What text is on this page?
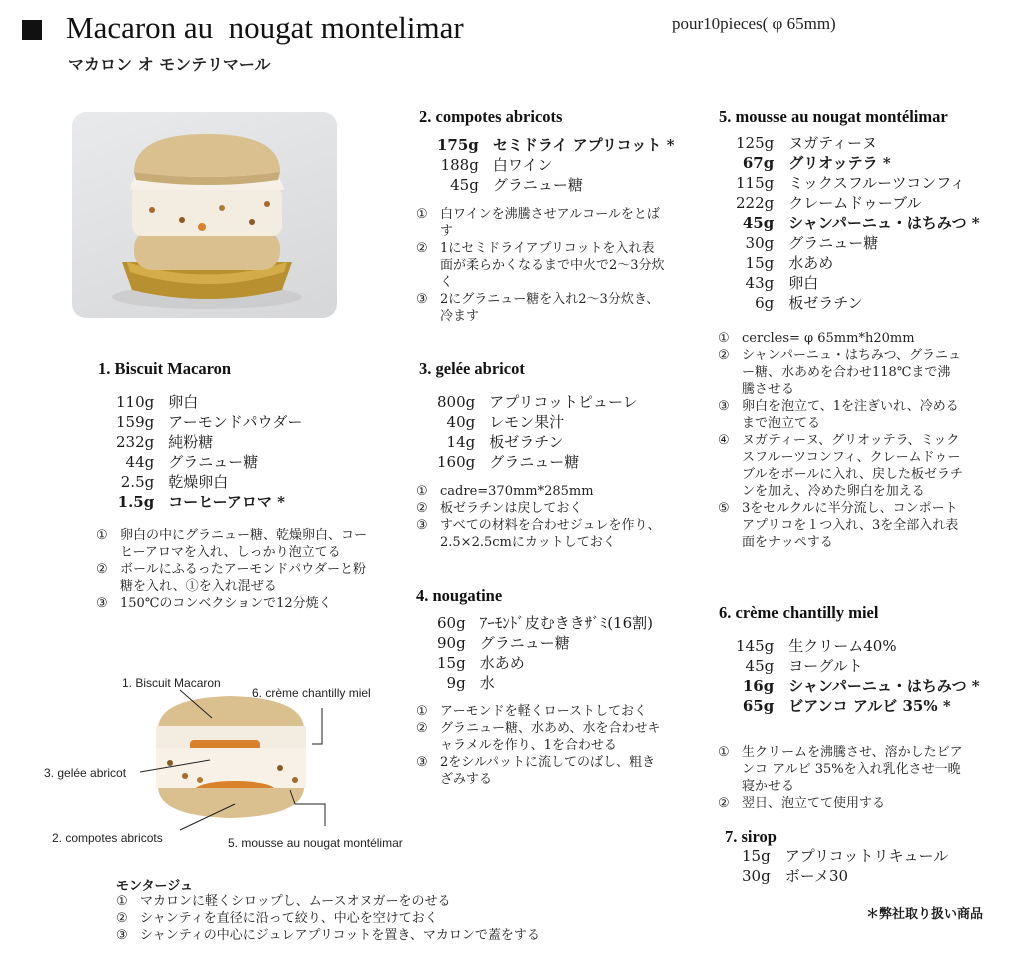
Macaron au  nougat montelimar
マカロン オ モンテリマール
pour10pieces( φ 65mm)
1. Biscuit Macaron
110g	卵白
159g	アーモンドパウダー
232g	純粉糖
44g	グラニュー糖
2.5g	乾燥卵白
1.5g	コーヒーアロマ *
① 卵白の中にグラニュー糖、乾燥卵白、コーヒーアロマを入れ、しっかり泡立てる
② ボールにふるったアーモンドパウダーと粉糖を入れ、①を入れ混ぜる
③ 150℃のコンベクションで12分焼く
2. compotes abricots
175g	セミドライ アプリコット *
188g	白ワイン
45g	グラニュー糖
① 白ワインを沸騰させアルコールをとばす
② 1にセミドライアプリコットを入れ表面が柔らかくなるまで中火で2～3分炊く
③ 2にグラニュー糖を入れ2～3分炊き、冷ます
3. gelée abricot
800g	アプリコットピューレ
40g	レモン果汁
14g	板ゼラチン
160g	グラニュー糖
① cadre=370mm*285mm
② 板ゼラチンは戻しておく
③ すべての材料を合わせジュレを作り、2.5×2.5cmにカットしておく
4. nougatine
60g	ｱｰﾓﾝﾄﾞ皮むききｻﾞﾐ(16割)
90g	グラニュー糖
15g	水あめ
9g	水
① アーモンドを軽くローストしておく
② グラニュー糖、水あめ、水を合わせキャラメルを作り、1を合わせる
③ 2をシルパットに流してのばし、粗きざみする
5. mousse au nougat montélimar
125g	ヌガティーヌ
67g	グリオッテラ *
115g	ミックスフルーツコンフィ
222g	クレームドゥーブル
45g	シャンパーニュ・はちみつ *
30g	グラニュー糖
15g	水あめ
43g	卵白
6g	板ゼラチン
① cercles= φ 65mm*h20mm
② シャンパーニュ・はちみつ、グラニュー糖、水あめを合わせ118℃まで沸騰させる
③ 卵白を泡立て、1を注ぎいれ、冷めるまで泡立てる
④ ヌガティーヌ、グリオッテラ、ミックスフルーツコンフィ、クレームドゥーブルをボールに入れ、戻した板ゼラチンを加え、冷めた卵白を加える
⑤ 3をセルクルに半分流し、コンポートアプリコを１つ入れ、3を全部入れ表面をナッペする
6. crème chantilly miel
145g	生クリーム40%
45g	ヨーグルト
16g	シャンパーニュ・はちみつ *
65g	ビアンコ アルビ 35% *
① 生クリームを沸騰させ、溶かしたビアンコ アルビ 35%を入れ乳化させ一晩寝かせる
② 翌日、泡立てて使用する
7. sirop
15g	アプリコットリキュール
30g	ボーメ30
1. Biscuit Macaron
6. crème chantilly miel
3. gelée abricot
2. compotes abricots	5. mousse au nougat montélimar
モンタージュ
① マカロンに軽くシロップし、ムースオヌガーをのせる
② シャンティを直径に沿って絞り、中心を空けておく
③ シャンティの中心にジュレアプリコットを置き、マカロンで蓋をする
＊弊社取り扱い商品
